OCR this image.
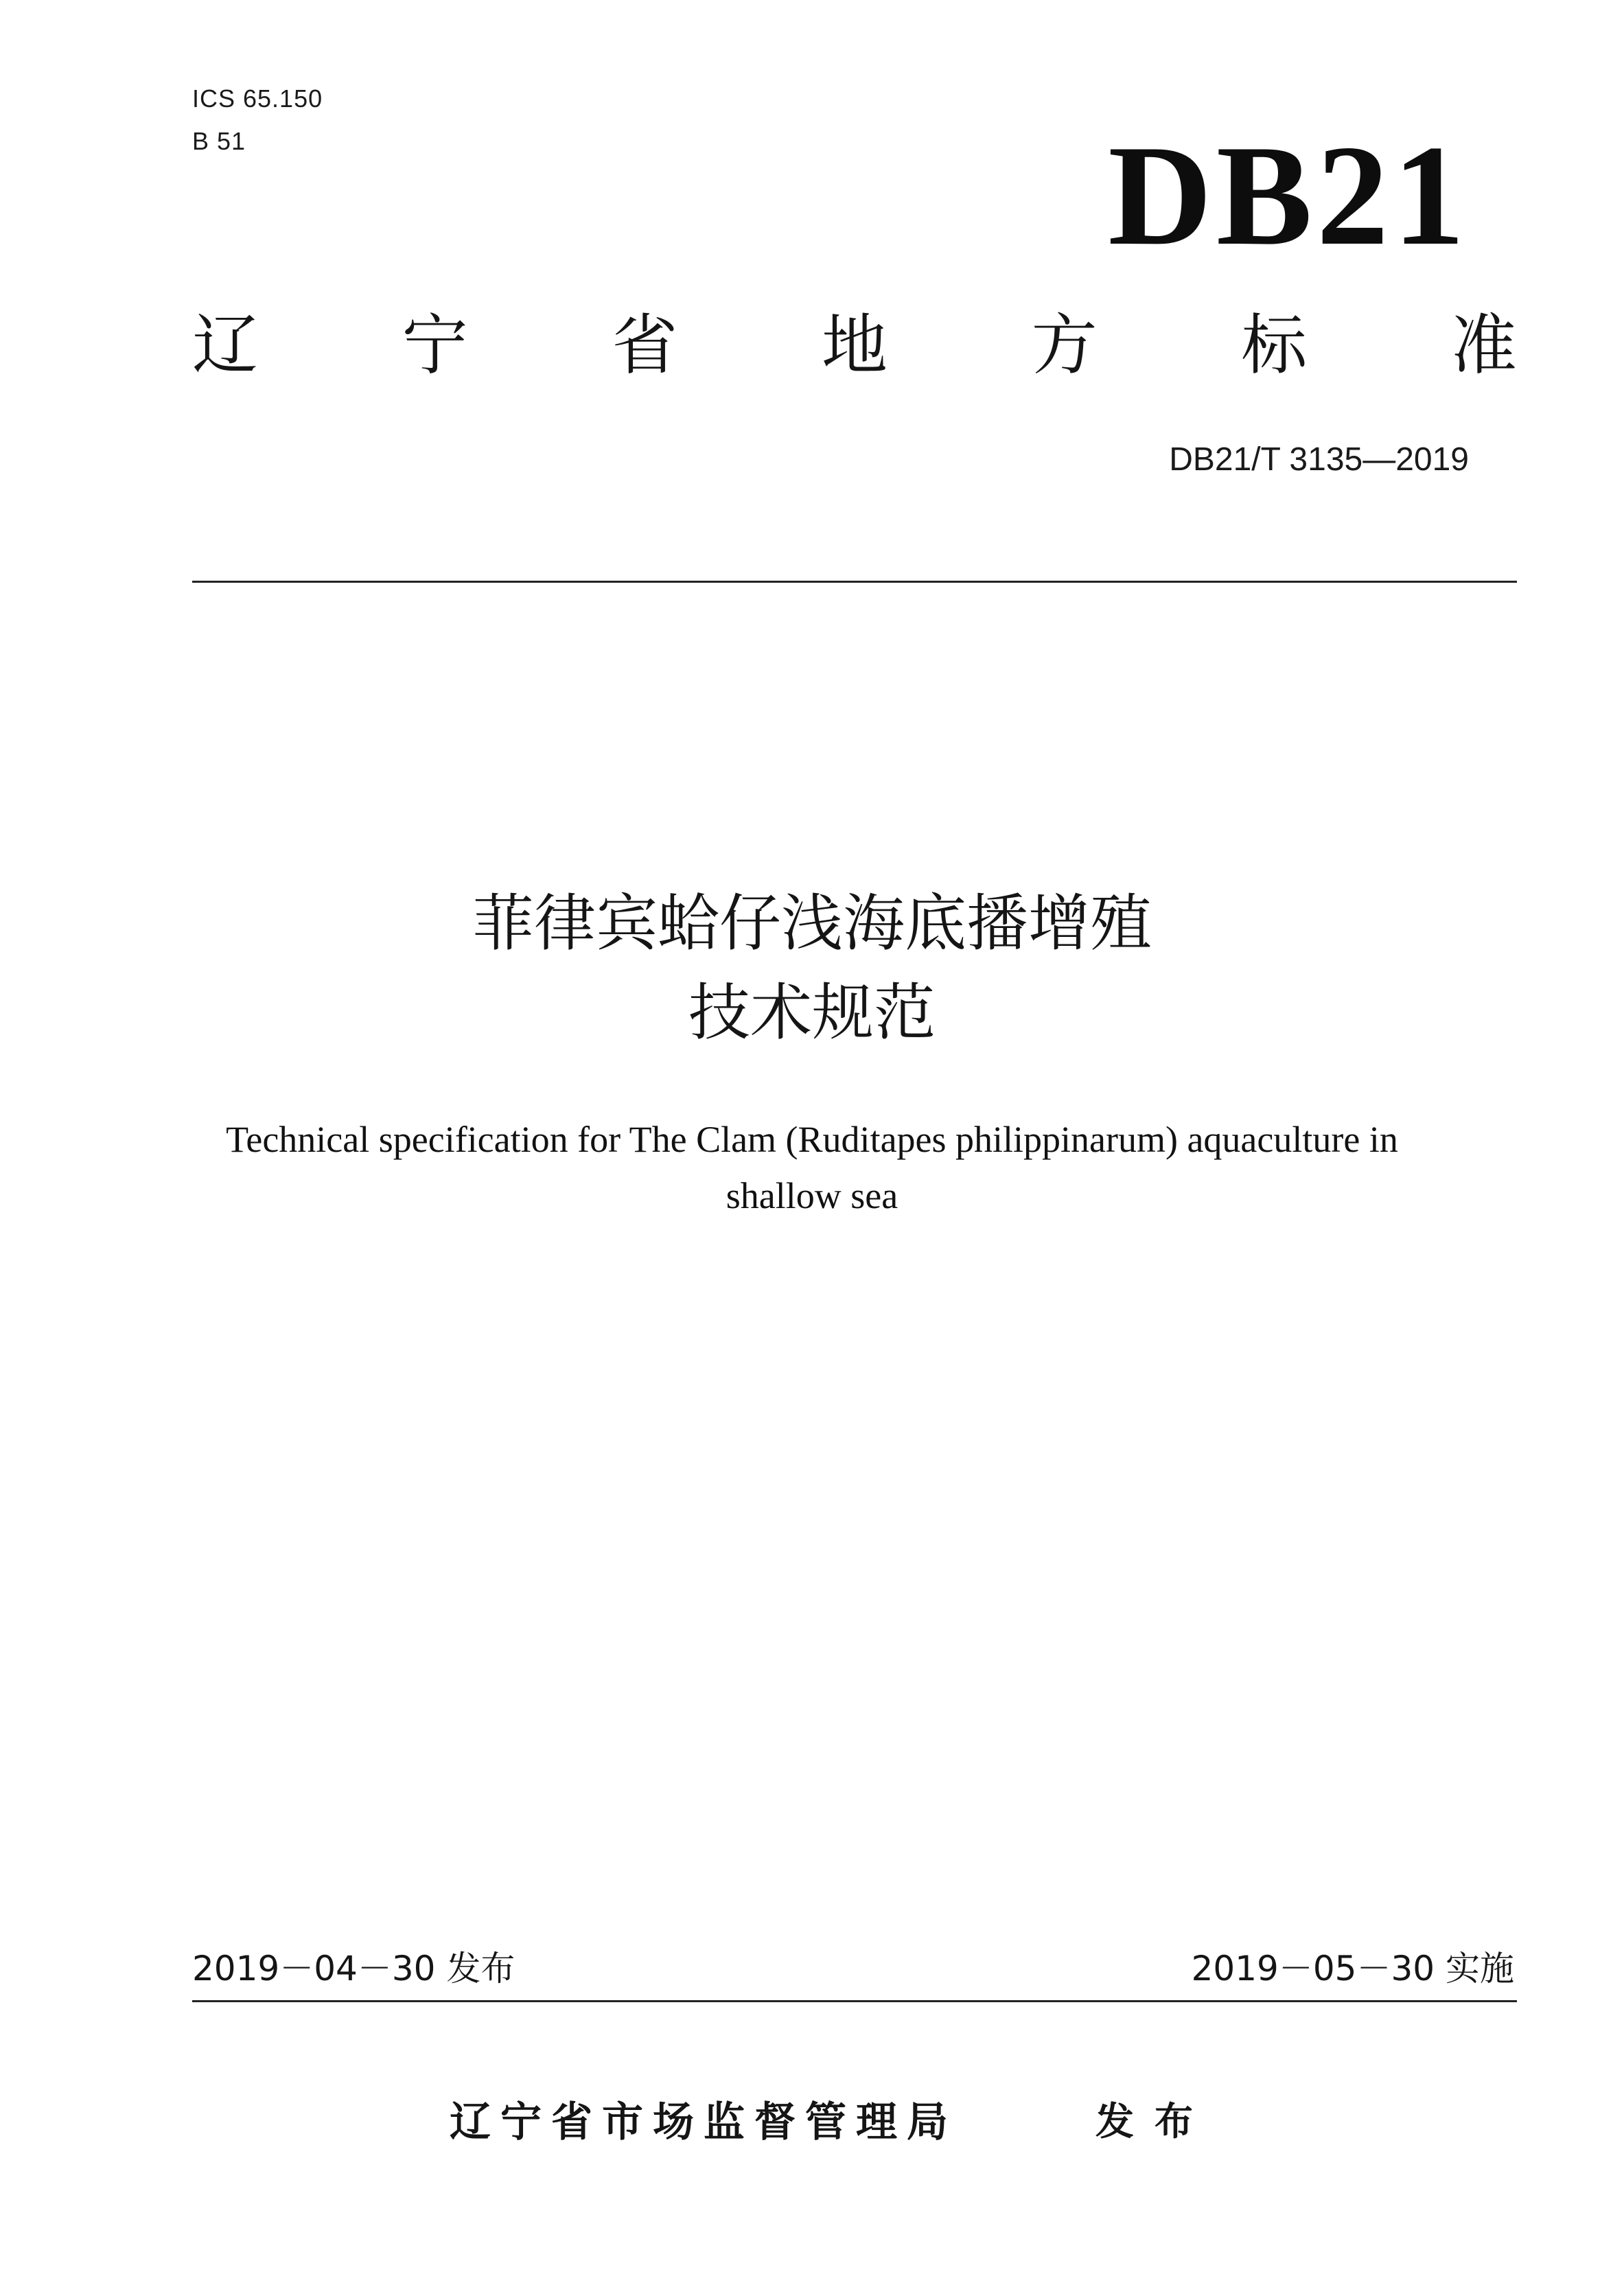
ICS 65.150
B 51	DB21
辽 宁 省 地 方 标 准
DB21/T 3135—2019
菲律宾蛤仔浅海底播增殖
技术规范
Technical specification for The Clam (Ruditapes philippinarum) aquaculture in
shallow sea
2019－04－30 发布	2019－05－30 实施
辽宁省市场监督管理局	发布
